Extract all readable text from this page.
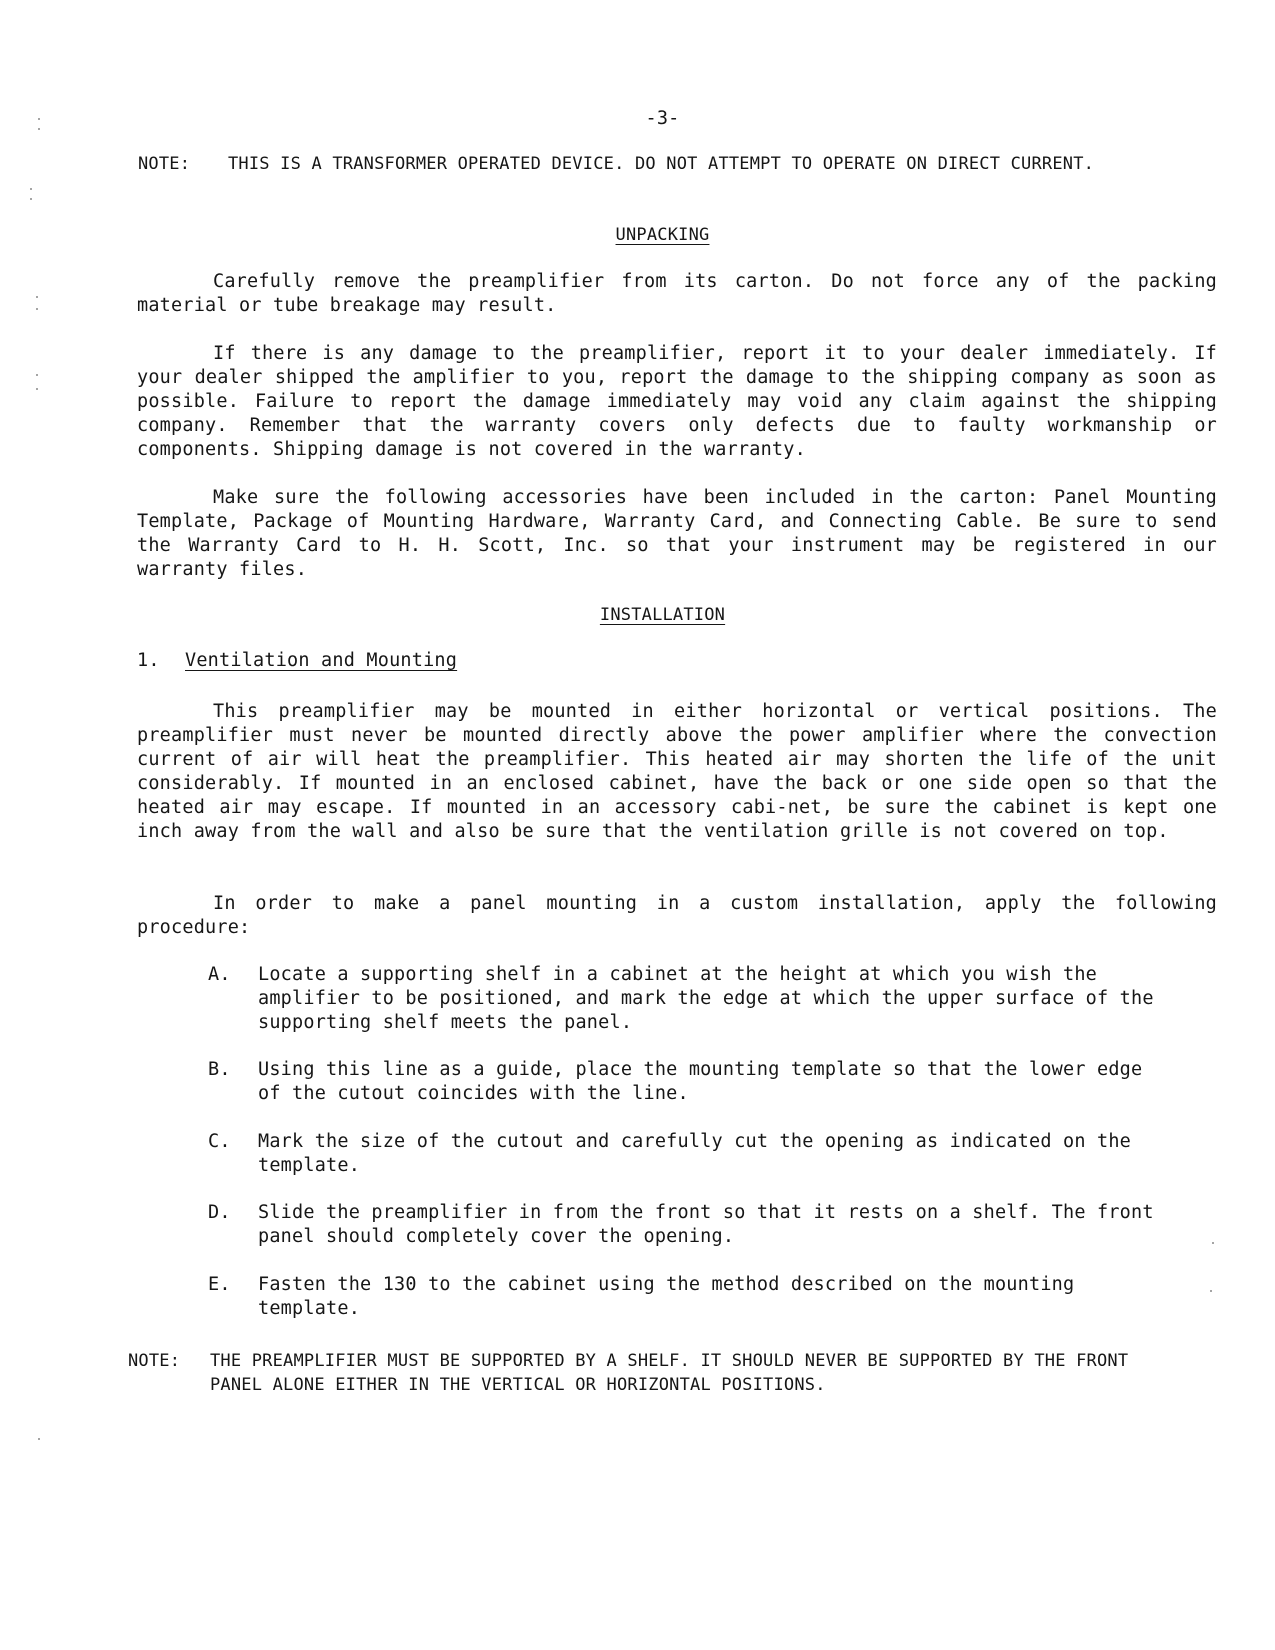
-3-
NOTE:	THIS IS A TRANSFORMER OPERATED DEVICE. DO NOT ATTEMPT TO OPERATE ON DIRECT CURRENT.
UNPACKING
Carefully remove the preamplifier from its carton. Do not force any of the packing material or tube breakage may result.
If there is any damage to the preamplifier, report it to your dealer immediately. If your dealer shipped the amplifier to you, report the damage to the shipping company as soon as possible. Failure to report the damage immediately may void any claim against the shipping company. Remember that the warranty covers only defects due to faulty workmanship or components. Shipping damage is not covered in the warranty.
Make sure the following accessories have been included in the carton: Panel Mounting Template, Package of Mounting Hardware, Warranty Card, and Connecting Cable. Be sure to send the Warranty Card to H. H. Scott, Inc. so that your instrument may be registered in our warranty files.
INSTALLATION
1. Ventilation and Mounting
This preamplifier may be mounted in either horizontal or vertical positions. The preamplifier must never be mounted directly above the power amplifier where the convection current of air will heat the preamplifier. This heated air may shorten the life of the unit considerably. If mounted in an enclosed cabinet, have the back or one side open so that the heated air may escape. If mounted in an accessory cabi-net, be sure the cabinet is kept one inch away from the wall and also be sure that the ventilation grille is not covered on top.
In order to make a panel mounting in a custom installation, apply the following procedure:
A.	Locate a supporting shelf in a cabinet at the height at which you wish the amplifier to be positioned, and mark the edge at which the upper surface of the supporting shelf meets the panel.
B.	Using this line as a guide, place the mounting template so that the lower edge of the cutout coincides with the line.
C.	Mark the size of the cutout and carefully cut the opening as indicated on the template.
D.	Slide the preamplifier in from the front so that it rests on a shelf. The front panel should completely cover the opening.
E.	Fasten the 130 to the cabinet using the method described on the mounting template.
NOTE:	THE PREAMPLIFIER MUST BE SUPPORTED BY A SHELF. IT SHOULD NEVER BE SUPPORTED BY THE FRONT PANEL ALONE EITHER IN THE VERTICAL OR HORIZONTAL POSITIONS.
